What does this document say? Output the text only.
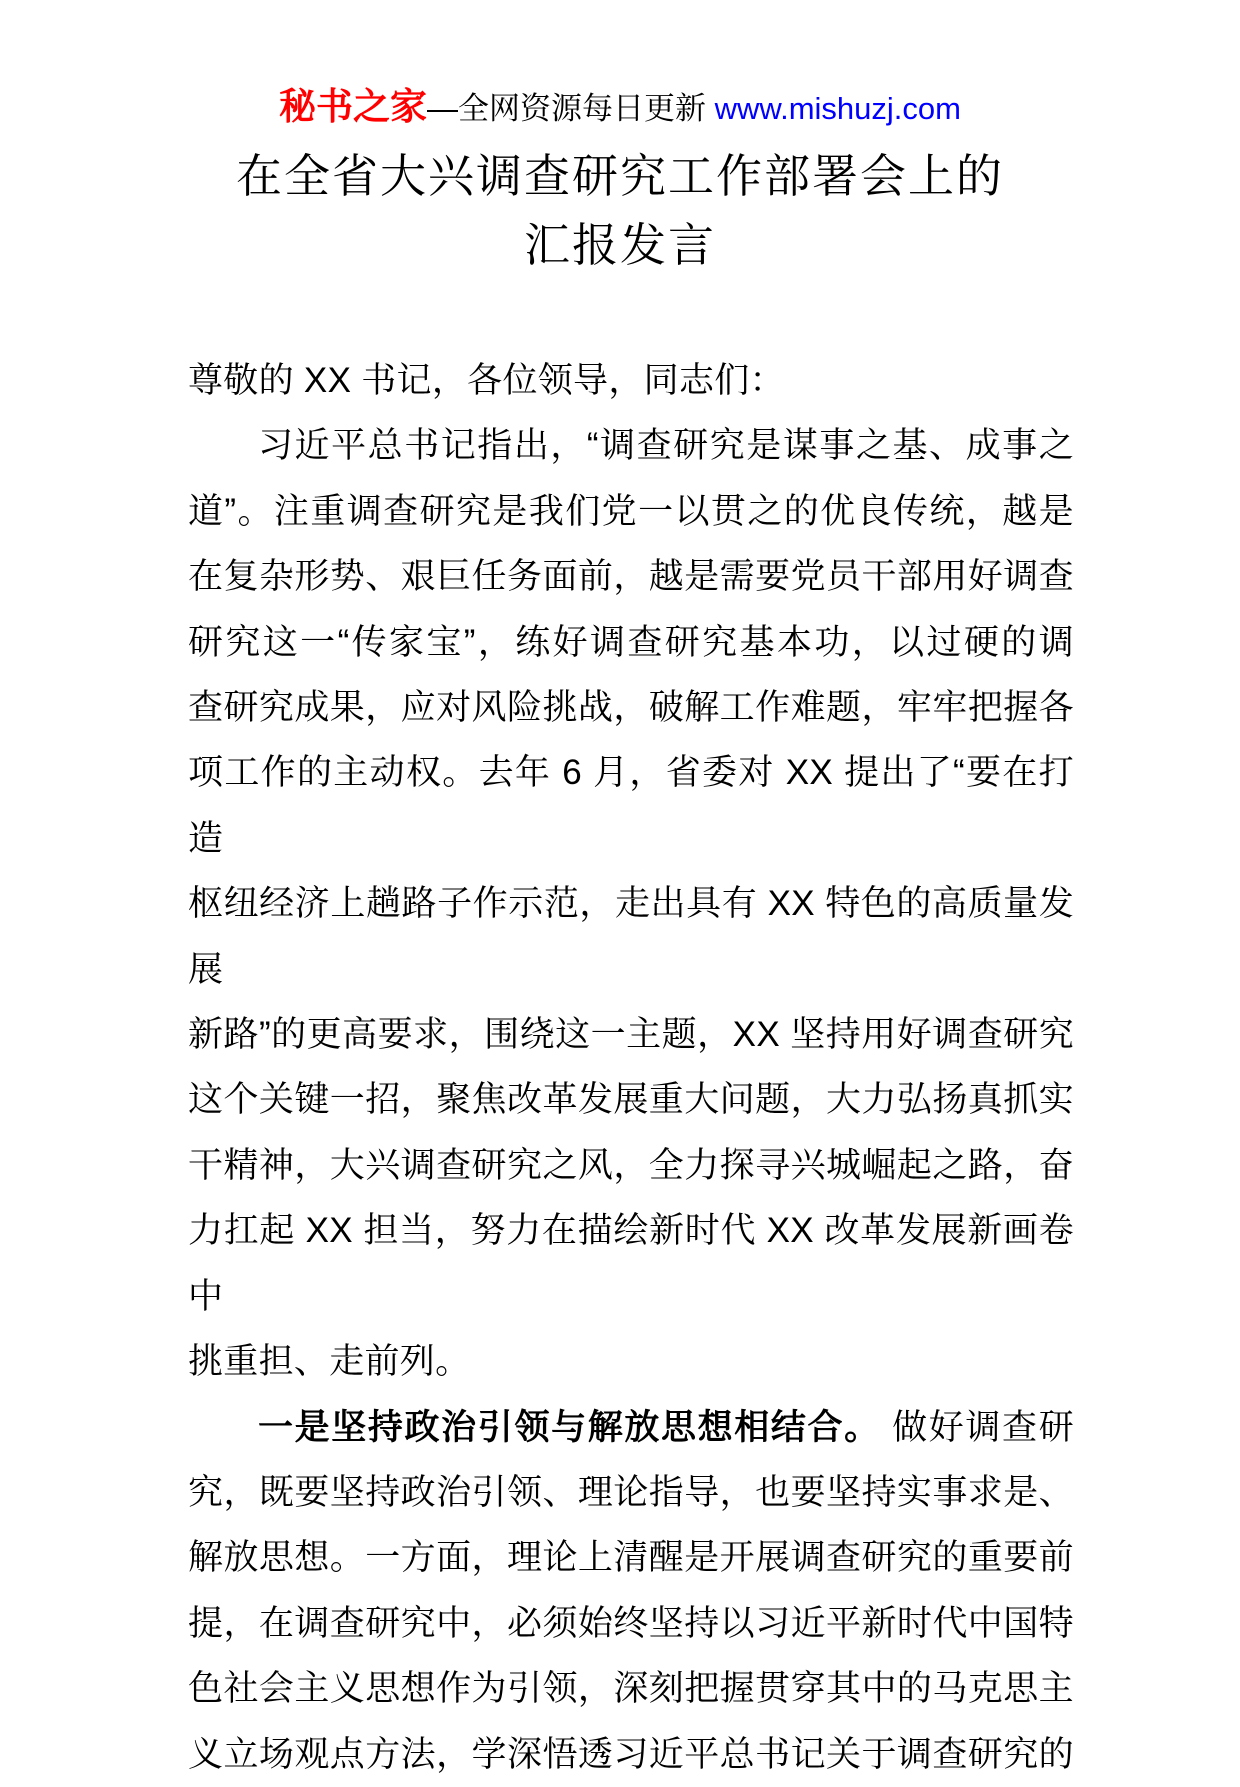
秘书之家—全网资源每日更新 www.mishuzj.com
在全省大兴调查研究工作部署会上的
汇报发言
尊敬的 XX 书记，各位领导，同志们：
习近平总书记指出，“调查研究是谋事之基、成事之
道”。注重调查研究是我们党一以贯之的优良传统，越是
在复杂形势、艰巨任务面前，越是需要党员干部用好调查
研究这一“传家宝”，练好调查研究基本功，以过硬的调
查研究成果，应对风险挑战，破解工作难题，牢牢把握各
项工作的主动权。去年 6 月，省委对 XX 提出了“要在打造
枢纽经济上趟路子作示范，走出具有 XX 特色的高质量发展
新路”的更高要求，围绕这一主题，XX 坚持用好调查研究
这个关键一招，聚焦改革发展重大问题，大力弘扬真抓实
干精神，大兴调查研究之风，全力探寻兴城崛起之路，奋
力扛起 XX 担当，努力在描绘新时代 XX 改革发展新画卷中
挑重担、走前列。
一是坚持政治引领与解放思想相结合。 做好调查研
究，既要坚持政治引领、理论指导，也要坚持实事求是、
解放思想。一方面，理论上清醒是开展调查研究的重要前
提，在调查研究中，必须始终坚持以习近平新时代中国特
色社会主义思想作为引领，深刻把握贯穿其中的马克思主
义立场观点方法，学深悟透习近平总书记关于调查研究的
